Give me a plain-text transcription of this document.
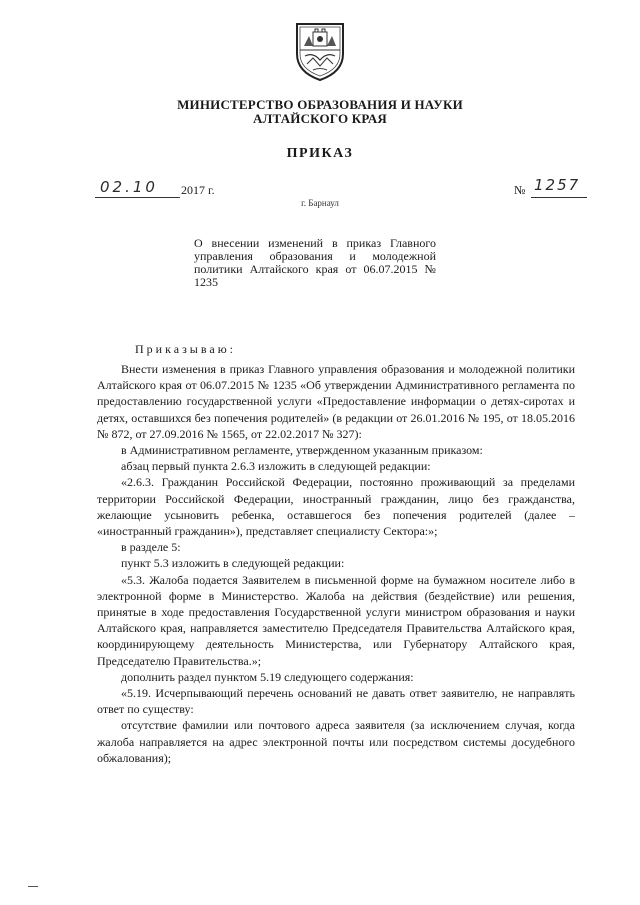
МИНИСТЕРСТВО ОБРАЗОВАНИЯ И НАУКИ
АЛТАЙСКОГО КРАЯ
ПРИКАЗ
02.10 2017 г.	№ 1257
г. Барнаул
О внесении изменений в приказ Главного управления образования и молодежной политики Алтайского края от 06.07.2015 № 1235
Приказываю:

Внести изменения в приказ Главного управления образования и молодежной политики Алтайского края от 06.07.2015 № 1235 «Об утверждении Административного регламента по предоставлению государственной услуги «Предоставление информации о детях-сиротах и детях, оставшихся без попечения родителей» (в редакции от 26.01.2016 № 195, от 18.05.2016 № 872, от 27.09.2016 № 1565, от 22.02.2017 № 327):

в Административном регламенте, утвержденном указанным приказом:

абзац первый пункта 2.6.3 изложить в следующей редакции:

«2.6.3. Гражданин Российской Федерации, постоянно проживающий за пределами территории Российской Федерации, иностранный гражданин, лицо без гражданства, желающие усыновить ребенка, оставшегося без попечения родителей (далее – «иностранный гражданин»), представляет специалисту Сектора:»;

в разделе 5:

пункт 5.3 изложить в следующей редакции:

«5.3. Жалоба подается Заявителем в письменной форме на бумажном носителе либо в электронной форме в Министерство. Жалоба на действия (бездействие) или решения, принятые в ходе предоставления Государственной услуги министром образования и науки Алтайского края, направляется заместителю Председателя Правительства Алтайского края, координирующему деятельность Министерства, или Губернатору Алтайского края, Председателю Правительства.»;

дополнить раздел пунктом 5.19 следующего содержания:

«5.19. Исчерпывающий перечень оснований не давать ответ заявителю, не направлять ответ по существу:

отсутствие фамилии или почтового адреса заявителя (за исключением случая, когда жалоба направляется на адрес электронной почты или посредством системы досудебного обжалования);
